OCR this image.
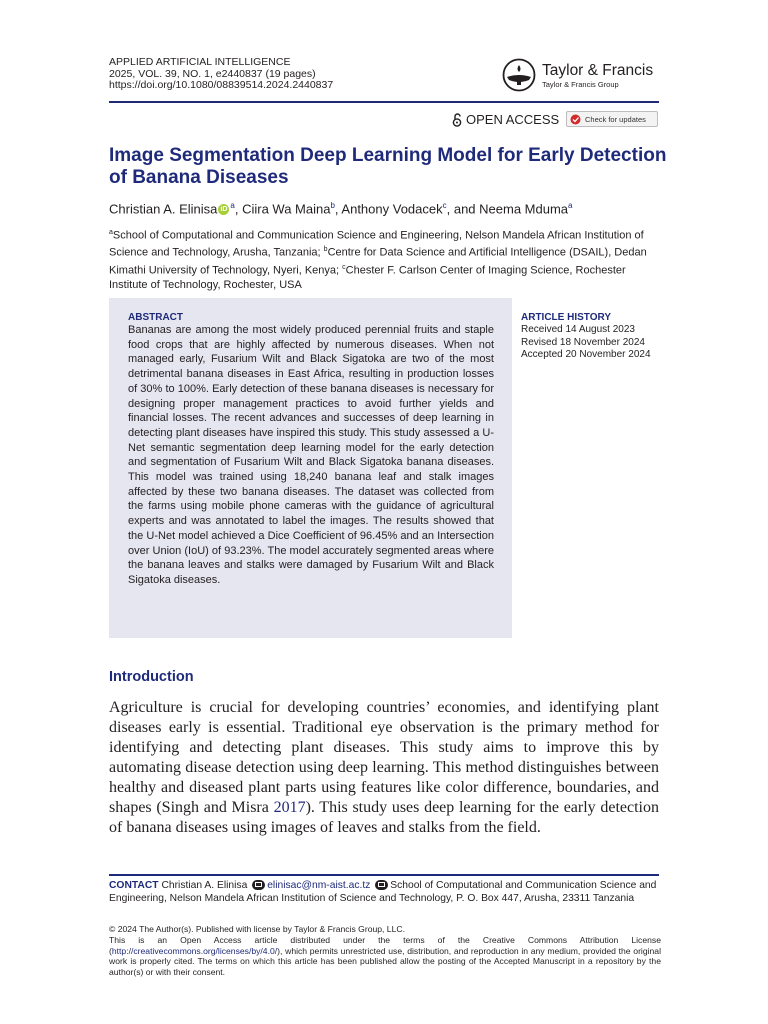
APPLIED ARTIFICIAL INTELLIGENCE
2025, VOL. 39, NO. 1, e2440837 (19 pages)
https://doi.org/10.1080/08839514.2024.2440837
Taylor & Francis
Taylor & Francis Group
OPEN ACCESS	Check for updates
Image Segmentation Deep Learning Model for Early Detection of Banana Diseases
Christian A. Elinisa iD $^a$, Ciira Wa Maina$^b$, Anthony Vodacek$^c$, and Neema Mduma$^a$
$^a$School of Computational and Communication Science and Engineering, Nelson Mandela African Institution of Science and Technology, Arusha, Tanzania; $^b$Centre for Data Science and Artificial Intelligence (DSAIL), Dedan Kimathi University of Technology, Nyeri, Kenya; $^c$Chester F. Carlson Center of Imaging Science, Rochester Institute of Technology, Rochester, USA
ABSTRACT
Bananas are among the most widely produced perennial fruits and staple food crops that are highly affected by numerous diseases. When not managed early, Fusarium Wilt and Black Sigatoka are two of the most detrimental banana diseases in East Africa, resulting in production losses of 30% to 100%. Early detection of these banana diseases is necessary for designing proper management practices to avoid further yields and financial losses. The recent advances and successes of deep learning in detecting plant diseases have inspired this study. This study assessed a U-Net semantic segmentation deep learning model for the early detection and segmentation of Fusarium Wilt and Black Sigatoka banana diseases. This model was trained using 18,240 banana leaf and stalk images affected by these two banana diseases. The dataset was collected from the farms using mobile phone cameras with the guidance of agricultural experts and was annotated to label the images. The results showed that the U-Net model achieved a Dice Coefficient of 96.45% and an Intersection over Union (IoU) of 93.23%. The model accurately segmented areas where the banana leaves and stalks were damaged by Fusarium Wilt and Black Sigatoka diseases.
ARTICLE HISTORY
Received 14 August 2023
Revised 18 November 2024
Accepted 20 November 2024
Introduction
Agriculture is crucial for developing countries’ economies, and identifying plant diseases early is essential. Traditional eye observation is the primary method for identifying and detecting plant diseases. This study aims to improve this by automating disease detection using deep learning. This method distinguishes between healthy and diseased plant parts using features like color difference, boundaries, and shapes (Singh and Misra 2017). This study uses deep learning for the early detection of banana diseases using images of leaves and stalks from the field.
CONTACT Christian A. Elinisa elinisac@nm-aist.ac.tz School of Computational and Communication Science and Engineering, Nelson Mandela African Institution of Science and Technology, P. O. Box 447, Arusha, 23311 Tanzania
© 2024 The Author(s). Published with license by Taylor & Francis Group, LLC.
This is an Open Access article distributed under the terms of the Creative Commons Attribution License (http://creativecommons.org/licenses/by/4.0/), which permits unrestricted use, distribution, and reproduction in any medium, provided the original work is properly cited. The terms on which this article has been published allow the posting of the Accepted Manuscript in a repository by the author(s) or with their consent.
